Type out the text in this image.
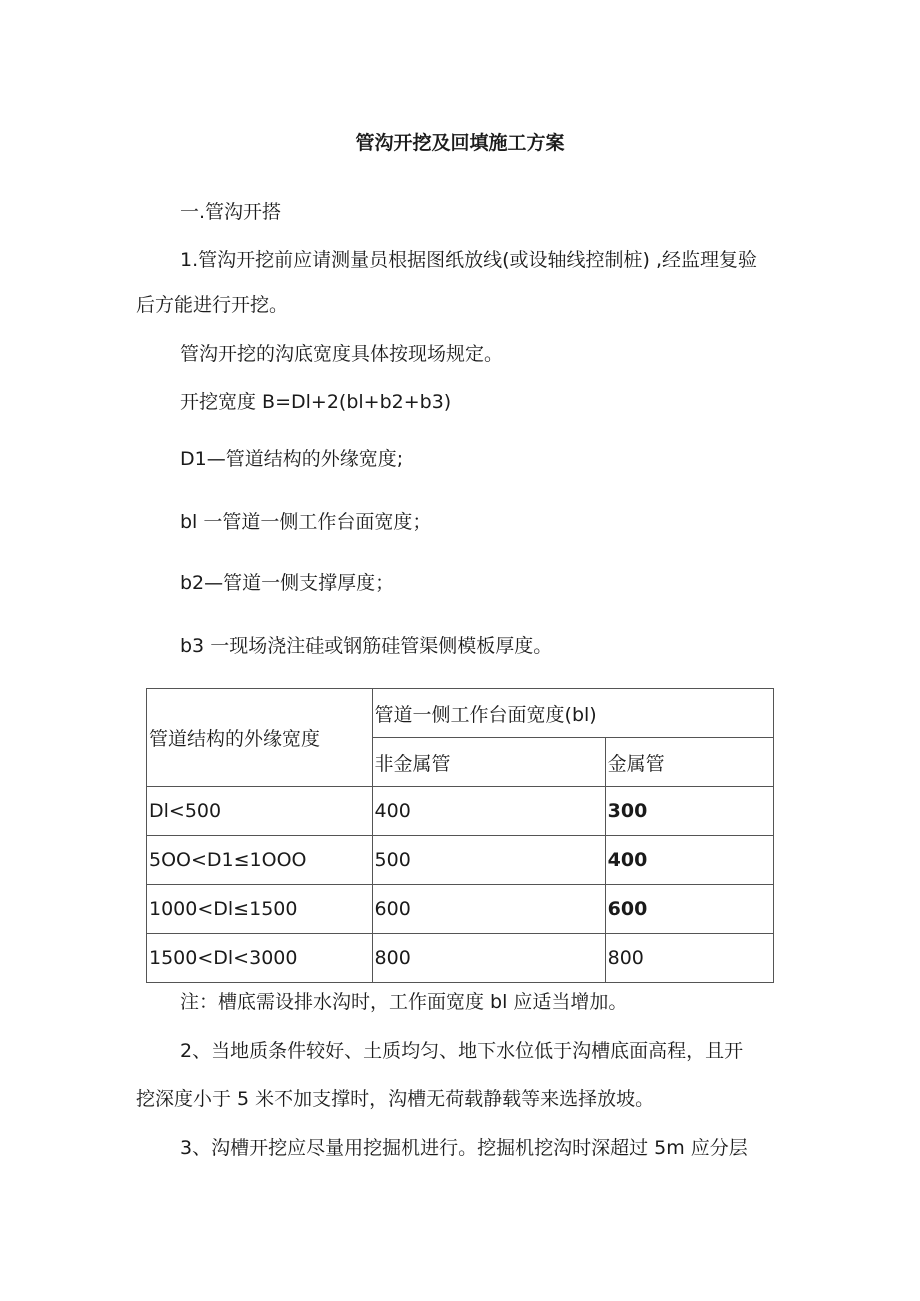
管沟开挖及回填施工方案
一.管沟开搭
1.管沟开挖前应请测量员根据图纸放线(或设轴线控制桩) ,经监理复验
后方能进行开挖。
管沟开挖的沟底宽度具体按现场规定。
开挖宽度 B=Dl+2(bl+b2+b3)
D1—管道结构的外缘宽度;
bl 一管道一侧工作台面宽度；
b2—管道一侧支撑厚度；
b3 一现场浇注硅或钢筋硅管渠侧模板厚度。
管道结构的外缘宽度	管道一侧工作台面宽度(bl)	
	非金属管	金属管
Dl<500	400	300
5OO<D1≤1OOO	500	400
1000<Dl≤1500	600	600
1500<Dl<3000	800	800
注：槽底需设排水沟时，工作面宽度 bl 应适当增加。
2、当地质条件较好、土质均匀、地下水位低于沟槽底面高程，且开
挖深度小于 5 米不加支撑时，沟槽无荷载静载等来选择放坡。
3、沟槽开挖应尽量用挖掘机进行。挖掘机挖沟时深超过 5m 应分层
